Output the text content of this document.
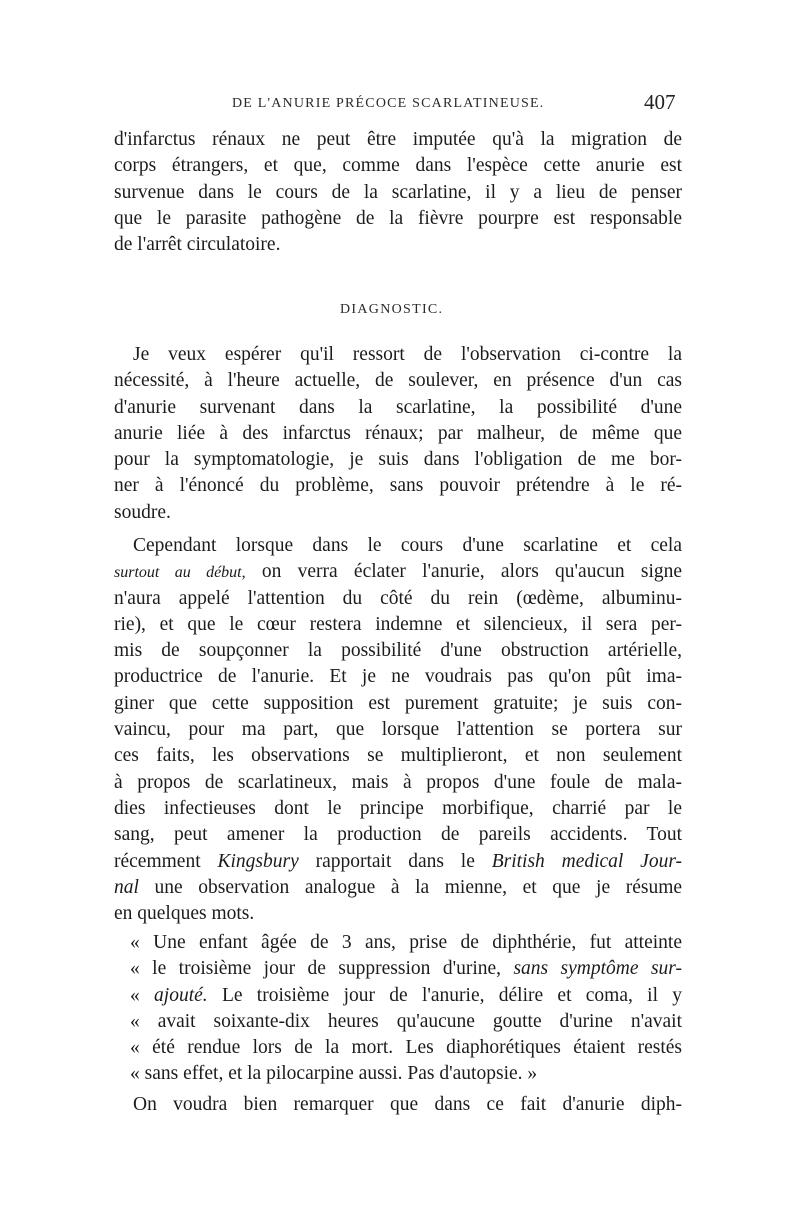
DE L'ANURIE PRÉCOCE SCARLATINEUSE.	407
d'infarctus rénaux ne peut être imputée qu'à la migration de
corps étrangers, et que, comme dans l'espèce cette anurie est
survenue dans le cours de la scarlatine, il y a lieu de penser
que le parasite pathogène de la fièvre pourpre est responsable
de l'arrêt circulatoire.
DIAGNOSTIC.
Je veux espérer qu'il ressort de l'observation ci-contre la
nécessité, à l'heure actuelle, de soulever, en présence d'un cas
d'anurie survenant dans la scarlatine, la possibilité d'une
anurie liée à des infarctus rénaux; par malheur, de même que
pour la symptomatologie, je suis dans l'obligation de me bor-
ner à l'énoncé du problème, sans pouvoir prétendre à le ré-
soudre.
Cependant lorsque dans le cours d'une scarlatine et cela
surtout au début, on verra éclater l'anurie, alors qu'aucun signe
n'aura appelé l'attention du côté du rein (œdème, albuminu-
rie), et que le cœur restera indemne et silencieux, il sera per-
mis de soupçonner la possibilité d'une obstruction artérielle,
productrice de l'anurie. Et je ne voudrais pas qu'on pût ima-
giner que cette supposition est purement gratuite; je suis con-
vaincu, pour ma part, que lorsque l'attention se portera sur
ces faits, les observations se multiplieront, et non seulement
à propos de scarlatineux, mais à propos d'une foule de mala-
dies infectieuses dont le principe morbifique, charrié par le
sang, peut amener la production de pareils accidents. Tout
récemment Kingsbury rapportait dans le British medical Jour-
nal une observation analogue à la mienne, et que je résume
en quelques mots.
« Une enfant âgée de 3 ans, prise de diphthérie, fut atteinte
« le troisième jour de suppression d'urine, sans symptôme sur-
« ajouté. Le troisième jour de l'anurie, délire et coma, il y
« avait soixante-dix heures qu'aucune goutte d'urine n'avait
« été rendue lors de la mort. Les diaphorétiques étaient restés
« sans effet, et la pilocarpine aussi. Pas d'autopsie. »
On voudra bien remarquer que dans ce fait d'anurie diph-
